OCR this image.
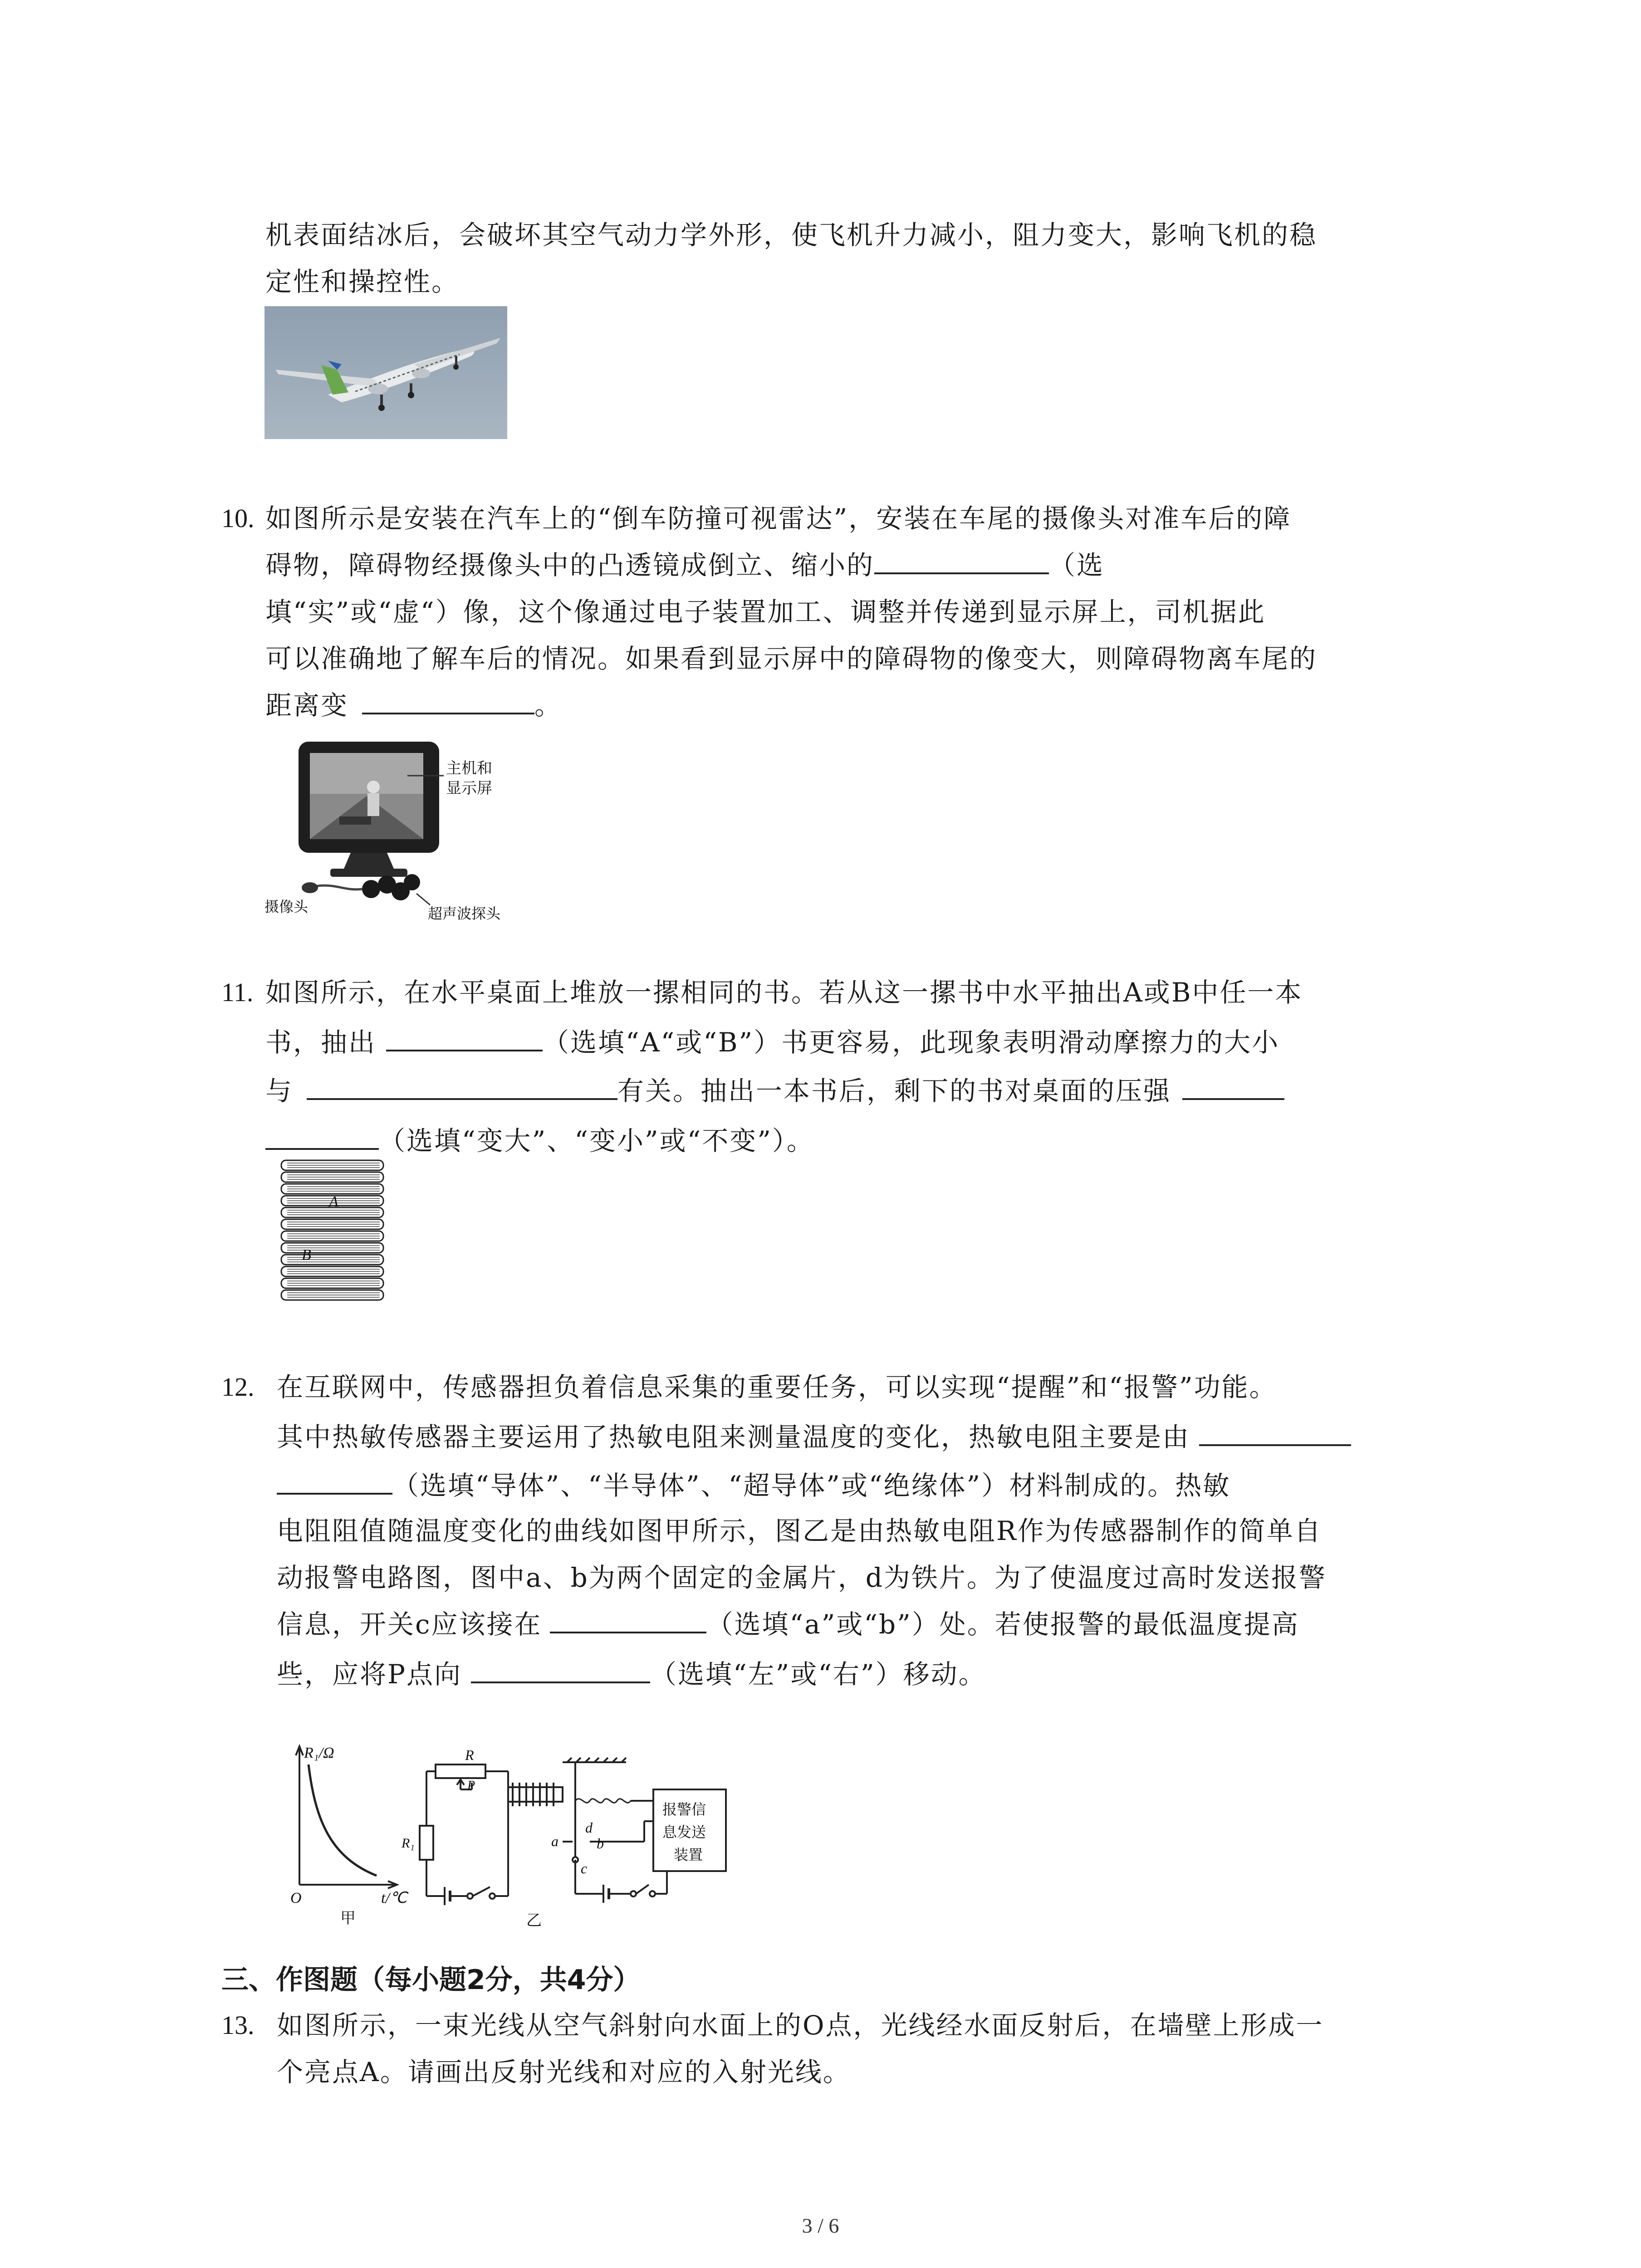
机表面结冰后，会破坏其空气动力学外形，使飞机升力减小，阻力变大，影响飞机的稳
定性和操控性。
10. 如图所示是安装在汽车上的“倒车防撞可视雷达”，安装在车尾的摄像头对准车后的障
碍物，障碍物经摄像头中的凸透镜成倒立、缩小的	（选
填“实”或“虚“）像，这个像通过电子装置加工、调整并传递到显示屏上，司机据此
可以准确地了解车后的情况。如果看到显示屏中的障碍物的像变大，则障碍物离车尾的
距离变	。
主机和
显示屏
摄像头	超声波探头
11. 如图所示，在水平桌面上堆放一摞相同的书。若从这一摞书中水平抽出A或B中任一本
书，抽出	（选填“A“或“B”）书更容易，此现象表明滑动摩擦力的大小
与	有关。抽出一本书后，剩下的书对桌面的压强
（选填“变大”、“变小”或“不变”）。
A
B
12. 在互联网中，传感器担负着信息采集的重要任务，可以实现“提醒”和“报警”功能。
其中热敏传感器主要运用了热敏电阻来测量温度的变化，热敏电阻主要是由
（选填“导体”、“半导体”、“超导体”或“绝缘体”）材料制成的。热敏
电阻阻值随温度变化的曲线如图甲所示，图乙是由热敏电阻R作为传感器制作的简单自
动报警电路图，图中a、b为两个固定的金属片，d为铁片。为了使温度过高时发送报警
信息，开关c应该接在	（选填“a”或“b”）处。若使报警的最低温度提高
些，应将P点向	（选填“左”或“右”）移动。
R₁/Ω
t/℃
O
甲
R
P
R₁	a	b
c
d
报警信
息发送
装置
乙
三、作图题（每小题2分，共4分）
13. 如图所示，一束光线从空气斜射向水面上的O点，光线经水面反射后，在墙壁上形成一
个亮点A。请画出反射光线和对应的入射光线。
3 / 6
